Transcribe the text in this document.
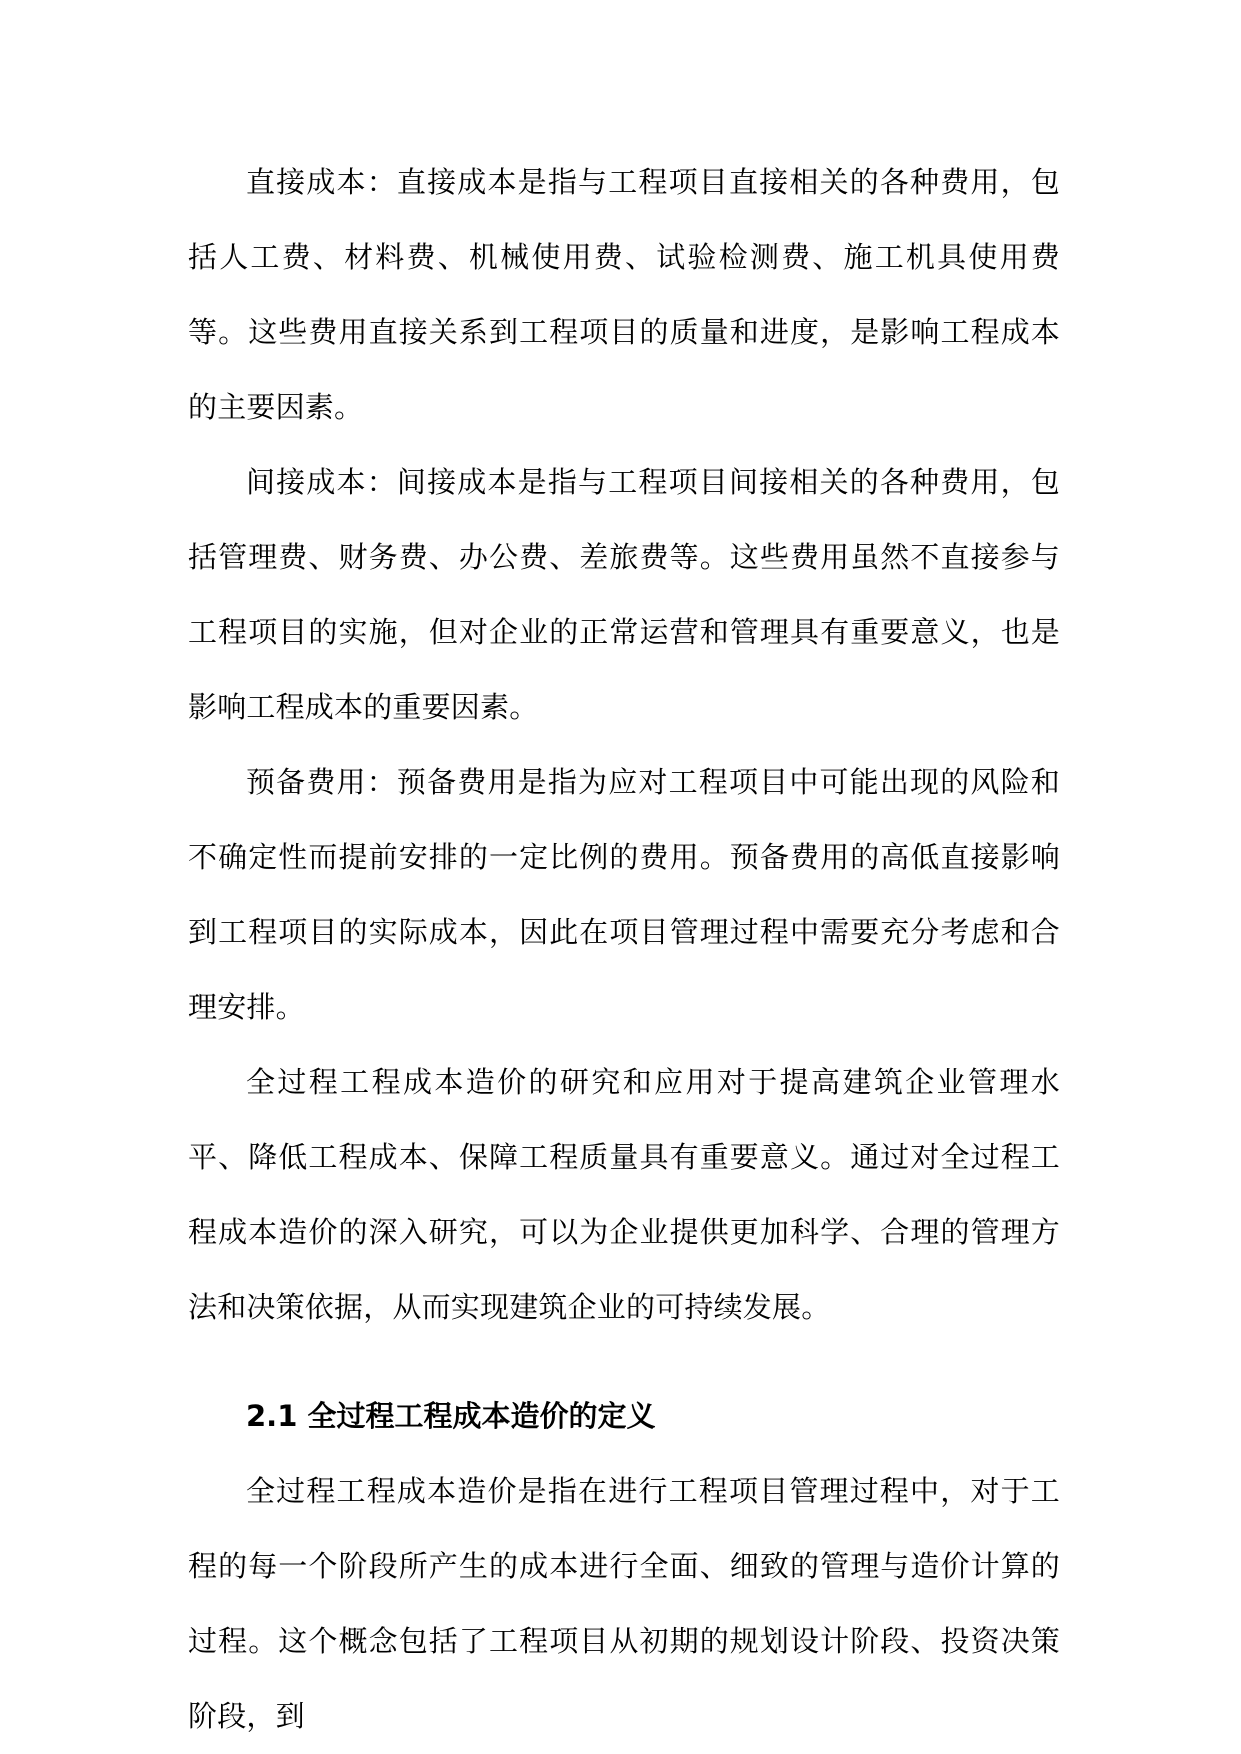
直接成本：直接成本是指与工程项目直接相关的各种费用，包括人工费、材料费、机械使用费、试验检测费、施工机具使用费等。这些费用直接关系到工程项目的质量和进度，是影响工程成本的主要因素。

间接成本：间接成本是指与工程项目间接相关的各种费用，包括管理费、财务费、办公费、差旅费等。这些费用虽然不直接参与工程项目的实施，但对企业的正常运营和管理具有重要意义，也是影响工程成本的重要因素。

预备费用：预备费用是指为应对工程项目中可能出现的风险和不确定性而提前安排的一定比例的费用。预备费用的高低直接影响到工程项目的实际成本，因此在项目管理过程中需要充分考虑和合理安排。

全过程工程成本造价的研究和应用对于提高建筑企业管理水平、降低工程成本、保障工程质量具有重要意义。通过对全过程工程成本造价的深入研究，可以为企业提供更加科学、合理的管理方法和决策依据，从而实现建筑企业的可持续发展。

2.1 全过程工程成本造价的定义

全过程工程成本造价是指在进行工程项目管理过程中，对于工程的每一个阶段所产生的成本进行全面、细致的管理与造价计算的过程。这个概念包括了工程项目从初期的规划设计阶段、投资决策阶段，到
